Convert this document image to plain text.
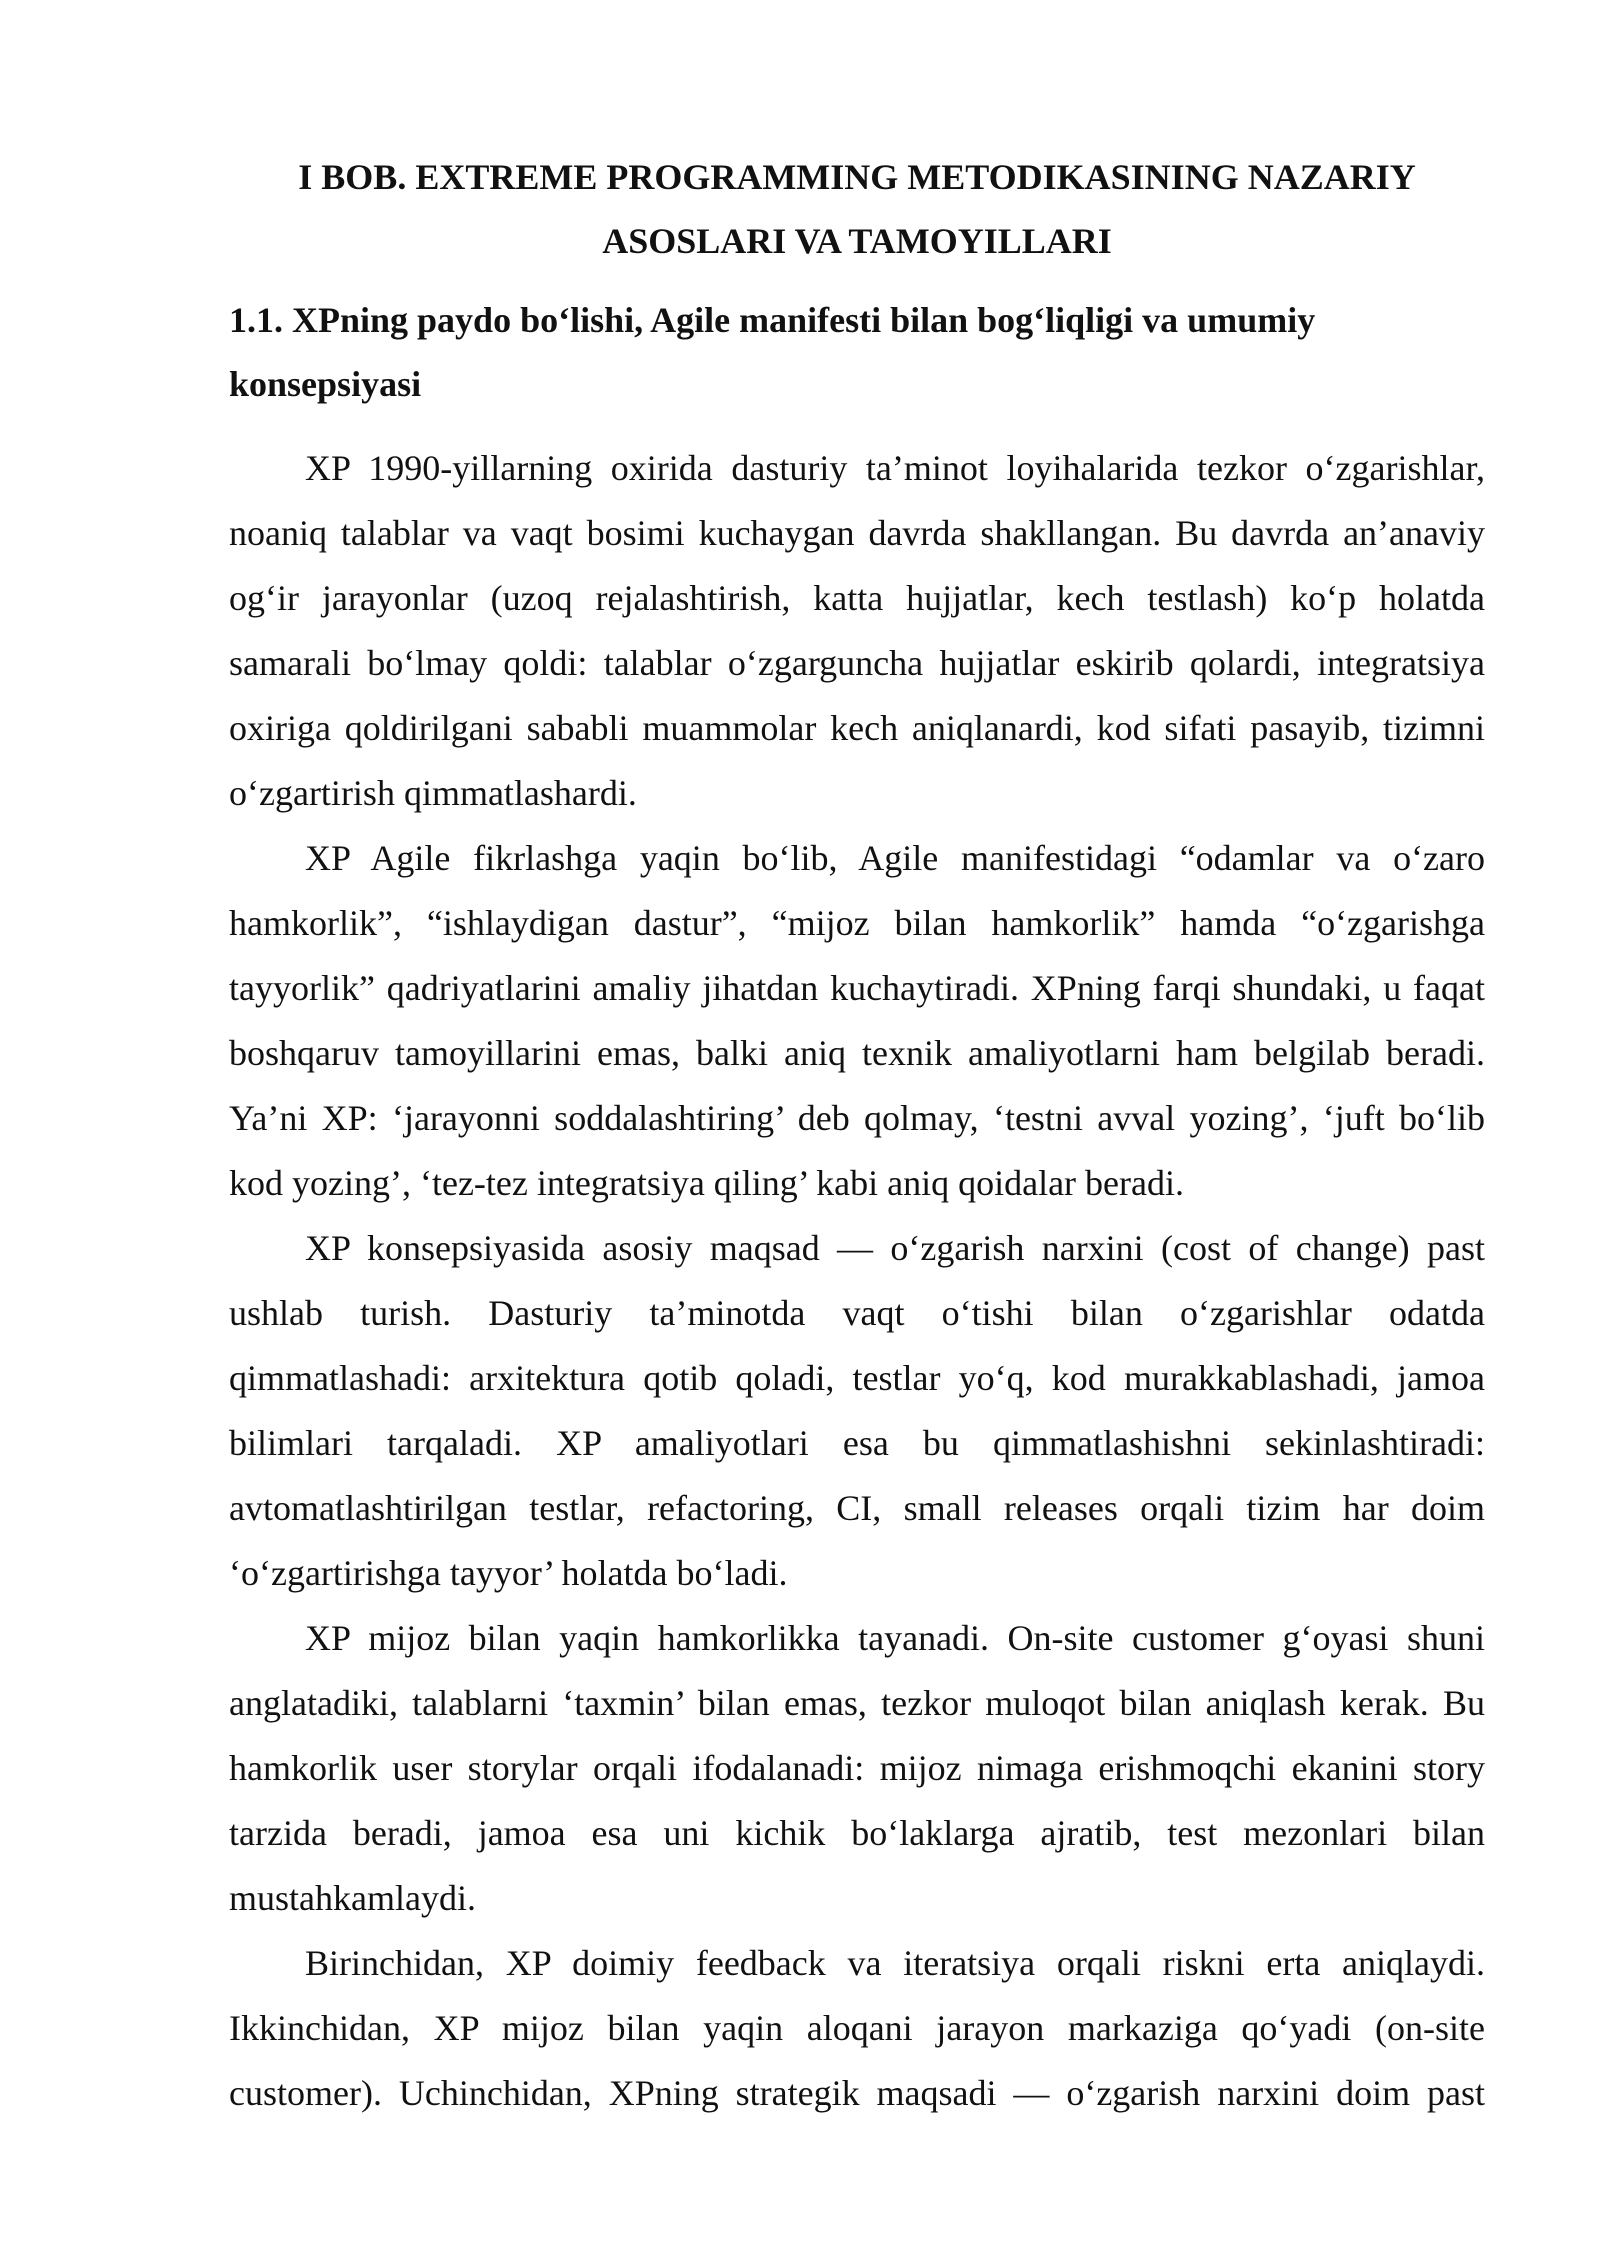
I BOB. EXTREME PROGRAMMING METODIKASINING NAZARIY
ASOSLARI VA TAMOYILLARI
1.1. XPning paydo bo‘lishi, Agile manifesti bilan bog‘liqligi va umumiy
konsepsiyasi

XP 1990-yillarning oxirida dasturiy ta’minot loyihalarida tezkor o‘zgarishlar, noaniq talablar va vaqt bosimi kuchaygan davrda shakllangan. Bu davrda an’anaviy og‘ir jarayonlar (uzoq rejalashtirish, katta hujjatlar, kech testlash) ko‘p holatda samarali bo‘lmay qoldi: talablar o‘zgarguncha hujjatlar eskirib qolardi, integratsiya oxiriga qoldirilgani sababli muammolar kech aniqlanardi, kod sifati pasayib, tizimni o‘zgartirish qimmatlashardi.

XP Agile fikrlashga yaqin bo‘lib, Agile manifestidagi “odamlar va o‘zaro hamkorlik”, “ishlaydigan dastur”, “mijoz bilan hamkorlik” hamda “o‘zgarishga tayyorlik” qadriyatlarini amaliy jihatdan kuchaytiradi. XPning farqi shundaki, u faqat boshqaruv tamoyillarini emas, balki aniq texnik amaliyotlarni ham belgilab beradi. Ya’ni XP: ‘jarayonni soddalashtiring’ deb qolmay, ‘testni avval yozing’, ‘juft bo‘lib kod yozing’, ‘tez-tez integratsiya qiling’ kabi aniq qoidalar beradi.

XP konsepsiyasida asosiy maqsad — o‘zgarish narxini (cost of change) past ushlab turish. Dasturiy ta’minotda vaqt o‘tishi bilan o‘zgarishlar odatda qimmatlashadi: arxitektura qotib qoladi, testlar yo‘q, kod murakkablashadi, jamoa bilimlari tarqaladi. XP amaliyotlari esa bu qimmatlashishni sekinlashtiradi: avtomatlashtirilgan testlar, refactoring, CI, small releases orqali tizim har doim ‘o‘zgartirishga tayyor’ holatda bo‘ladi.

XP mijoz bilan yaqin hamkorlikka tayanadi. On-site customer g‘oyasi shuni anglatadiki, talablarni ‘taxmin’ bilan emas, tezkor muloqot bilan aniqlash kerak. Bu hamkorlik user storylar orqali ifodalanadi: mijoz nimaga erishmoqchi ekanini story tarzida beradi, jamoa esa uni kichik bo‘laklarga ajratib, test mezonlari bilan mustahkamlaydi.

Birinchidan, XP doimiy feedback va iteratsiya orqali riskni erta aniqlaydi. Ikkinchidan, XP mijoz bilan yaqin aloqani jarayon markaziga qo‘yadi (on-site customer). Uchinchidan, XPning strategik maqsadi — o‘zgarish narxini doim past
